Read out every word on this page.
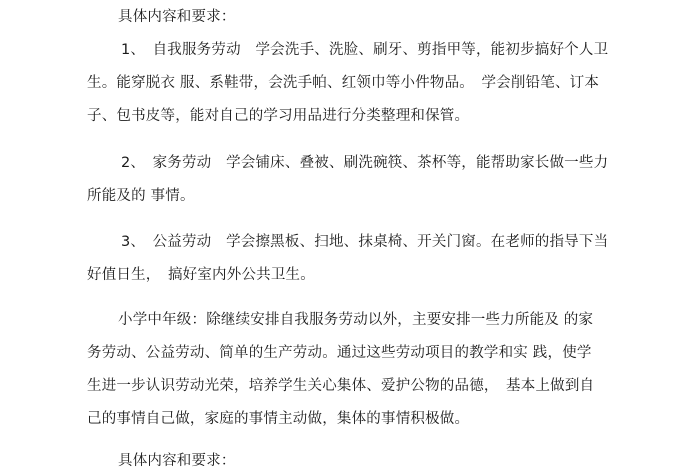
具体内容和要求：
1、　自我服务劳动　学会洗手、洗脸、刷牙、剪指甲等，能初步搞好个人卫
生。能穿脱衣 服、系鞋带，会洗手帕、红领巾等小件物品。　学会削铅笔、订本
子、包书皮等，能对自己的学习用品进行分类整理和保管。
2、　家务劳动　学会铺床、叠被、刷洗碗筷、茶杯等，能帮助家长做一些力
所能及的 事情。
3、　公益劳动　学会擦黑板、扫地、抹桌椅、开关门窗。在老师的指导下当
好值日生，　搞好室内外公共卫生。
小学中年级：除继续安排自我服务劳动以外，主要安排一些力所能及 的家
务劳动、公益劳动、简单的生产劳动。通过这些劳动项目的教学和实 践，使学
生进一步认识劳动光荣，培养学生关心集体、爱护公物的品德，　基本上做到自
己的事情自己做，家庭的事情主动做，集体的事情积极做。
具体内容和要求：
